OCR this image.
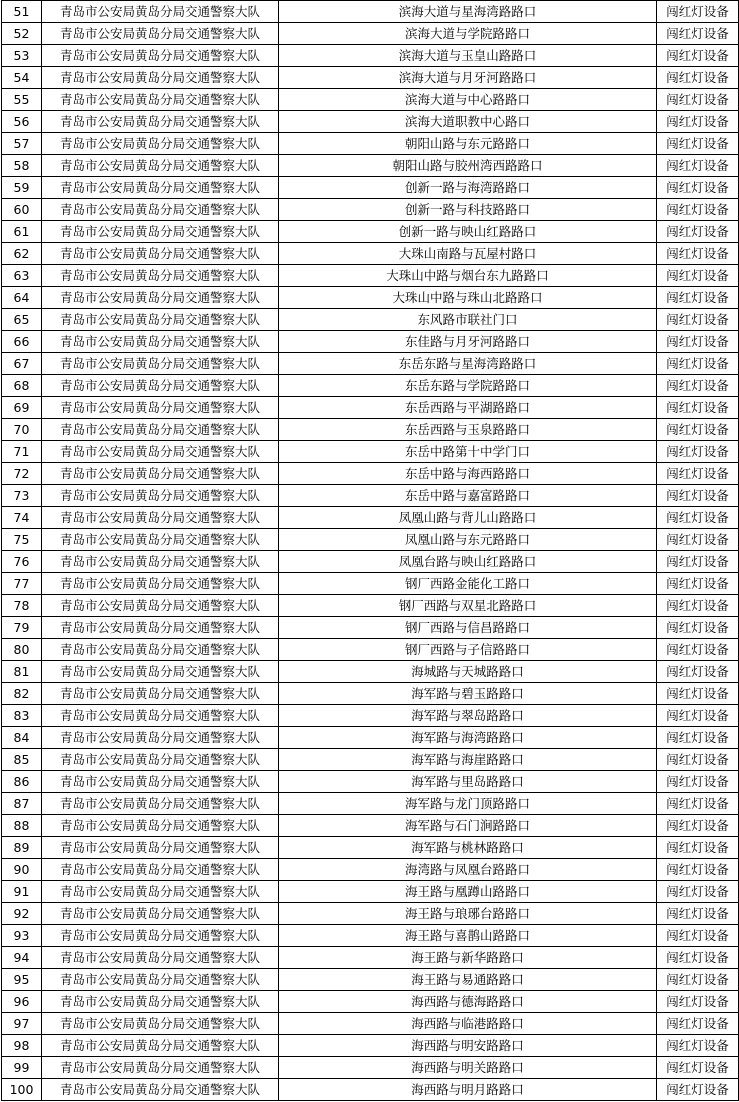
51	青岛市公安局黄岛分局交通警察大队	滨海大道与星海湾路路口	闯红灯设备
52	青岛市公安局黄岛分局交通警察大队	滨海大道与学院路路口	闯红灯设备
53	青岛市公安局黄岛分局交通警察大队	滨海大道与玉皇山路路口	闯红灯设备
54	青岛市公安局黄岛分局交通警察大队	滨海大道与月牙河路路口	闯红灯设备
55	青岛市公安局黄岛分局交通警察大队	滨海大道与中心路路口	闯红灯设备
56	青岛市公安局黄岛分局交通警察大队	滨海大道职教中心路口	闯红灯设备
57	青岛市公安局黄岛分局交通警察大队	朝阳山路与东元路路口	闯红灯设备
58	青岛市公安局黄岛分局交通警察大队	朝阳山路与胶州湾西路路口	闯红灯设备
59	青岛市公安局黄岛分局交通警察大队	创新一路与海湾路路口	闯红灯设备
60	青岛市公安局黄岛分局交通警察大队	创新一路与科技路路口	闯红灯设备
61	青岛市公安局黄岛分局交通警察大队	创新一路与映山红路路口	闯红灯设备
62	青岛市公安局黄岛分局交通警察大队	大珠山南路与瓦屋村路口	闯红灯设备
63	青岛市公安局黄岛分局交通警察大队	大珠山中路与烟台东九路路口	闯红灯设备
64	青岛市公安局黄岛分局交通警察大队	大珠山中路与珠山北路路口	闯红灯设备
65	青岛市公安局黄岛分局交通警察大队	东风路市联社门口	闯红灯设备
66	青岛市公安局黄岛分局交通警察大队	东佳路与月牙河路路口	闯红灯设备
67	青岛市公安局黄岛分局交通警察大队	东岳东路与星海湾路路口	闯红灯设备
68	青岛市公安局黄岛分局交通警察大队	东岳东路与学院路路口	闯红灯设备
69	青岛市公安局黄岛分局交通警察大队	东岳西路与平湖路路口	闯红灯设备
70	青岛市公安局黄岛分局交通警察大队	东岳西路与玉泉路路口	闯红灯设备
71	青岛市公安局黄岛分局交通警察大队	东岳中路第十中学门口	闯红灯设备
72	青岛市公安局黄岛分局交通警察大队	东岳中路与海西路路口	闯红灯设备
73	青岛市公安局黄岛分局交通警察大队	东岳中路与嘉富路路口	闯红灯设备
74	青岛市公安局黄岛分局交通警察大队	凤凰山路与背儿山路路口	闯红灯设备
75	青岛市公安局黄岛分局交通警察大队	凤凰山路与东元路路口	闯红灯设备
76	青岛市公安局黄岛分局交通警察大队	凤凰台路与映山红路路口	闯红灯设备
77	青岛市公安局黄岛分局交通警察大队	钢厂西路金能化工路口	闯红灯设备
78	青岛市公安局黄岛分局交通警察大队	钢厂西路与双星北路路口	闯红灯设备
79	青岛市公安局黄岛分局交通警察大队	钢厂西路与信昌路路口	闯红灯设备
80	青岛市公安局黄岛分局交通警察大队	钢厂西路与子信路路口	闯红灯设备
81	青岛市公安局黄岛分局交通警察大队	海城路与天城路路口	闯红灯设备
82	青岛市公安局黄岛分局交通警察大队	海军路与碧玉路路口	闯红灯设备
83	青岛市公安局黄岛分局交通警察大队	海军路与翠岛路路口	闯红灯设备
84	青岛市公安局黄岛分局交通警察大队	海军路与海湾路路口	闯红灯设备
85	青岛市公安局黄岛分局交通警察大队	海军路与海崖路路口	闯红灯设备
86	青岛市公安局黄岛分局交通警察大队	海军路与里岛路路口	闯红灯设备
87	青岛市公安局黄岛分局交通警察大队	海军路与龙门顶路路口	闯红灯设备
88	青岛市公安局黄岛分局交通警察大队	海军路与石门涧路路口	闯红灯设备
89	青岛市公安局黄岛分局交通警察大队	海军路与桃林路路口	闯红灯设备
90	青岛市公安局黄岛分局交通警察大队	海湾路与凤凰台路路口	闯红灯设备
91	青岛市公安局黄岛分局交通警察大队	海王路与凰蹲山路路口	闯红灯设备
92	青岛市公安局黄岛分局交通警察大队	海王路与琅琊台路路口	闯红灯设备
93	青岛市公安局黄岛分局交通警察大队	海王路与喜鹊山路路口	闯红灯设备
94	青岛市公安局黄岛分局交通警察大队	海王路与新华路路口	闯红灯设备
95	青岛市公安局黄岛分局交通警察大队	海王路与易通路路口	闯红灯设备
96	青岛市公安局黄岛分局交通警察大队	海西路与德海路路口	闯红灯设备
97	青岛市公安局黄岛分局交通警察大队	海西路与临港路路口	闯红灯设备
98	青岛市公安局黄岛分局交通警察大队	海西路与明安路路口	闯红灯设备
99	青岛市公安局黄岛分局交通警察大队	海西路与明关路路口	闯红灯设备
100	青岛市公安局黄岛分局交通警察大队	海西路与明月路路口	闯红灯设备
